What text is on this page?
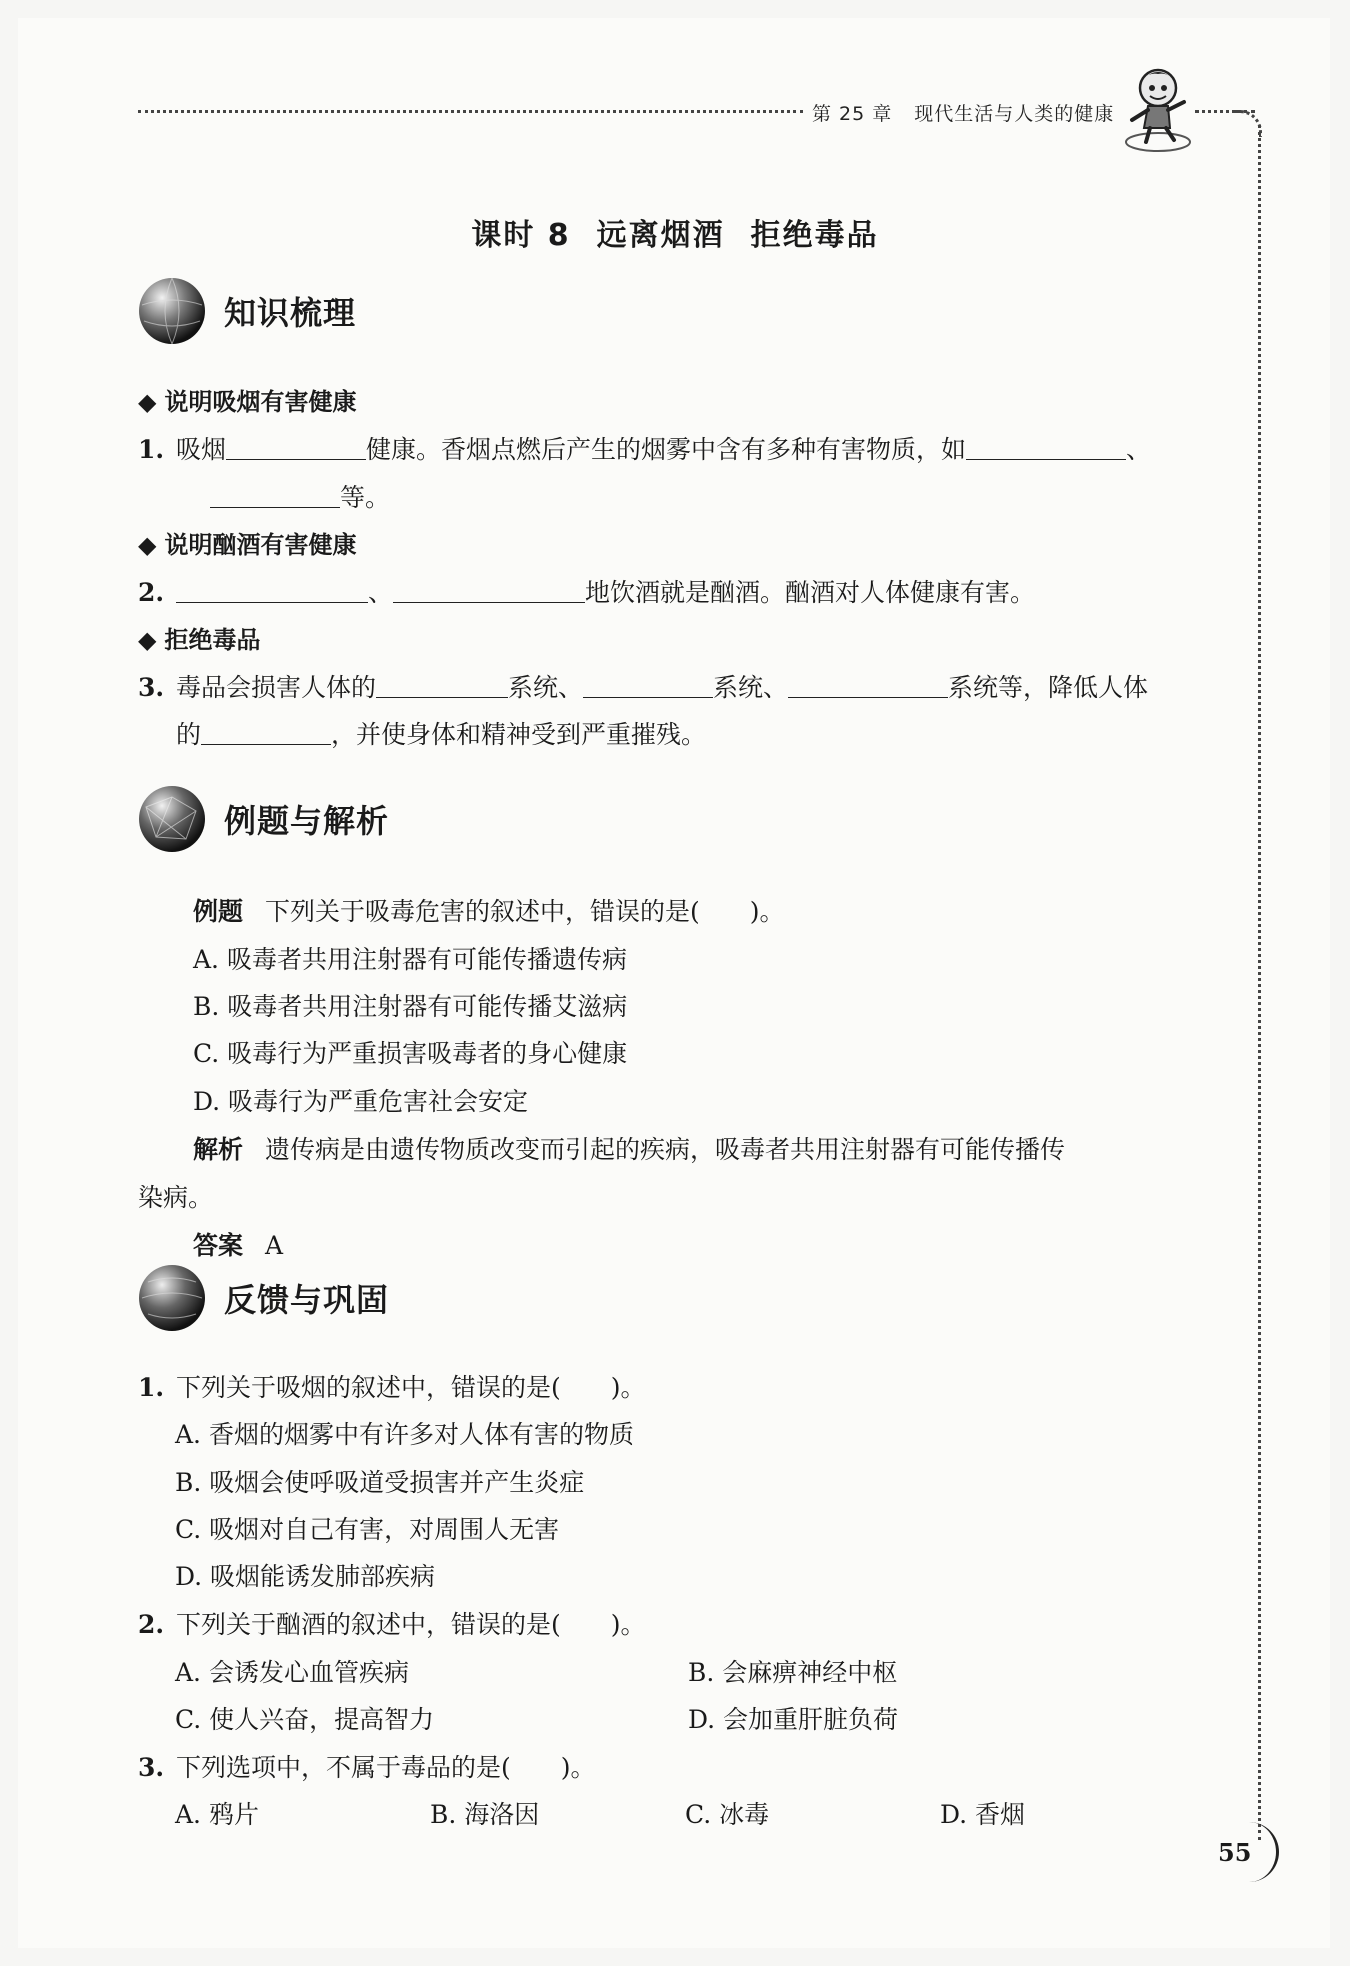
第 25 章 现代生活与人类的健康
课时 8 远离烟酒 拒绝毒品
知识梳理
◆ 说明吸烟有害健康
1. 吸烟	健康。香烟点燃后产生的烟雾中含有多种有害物质，如	、
等。
◆ 说明酗酒有害健康
2.	、	地饮酒就是酗酒。酗酒对人体健康有害。
◆ 拒绝毒品
3. 毒品会损害人体的	系统、	系统、	系统等，降低人体
的	，并使身体和精神受到严重摧残。
例题与解析
例题 下列关于吸毒危害的叙述中，错误的是(　　)。
A. 吸毒者共用注射器有可能传播遗传病
B. 吸毒者共用注射器有可能传播艾滋病
C. 吸毒行为严重损害吸毒者的身心健康
D. 吸毒行为严重危害社会安定
解析 遗传病是由遗传物质改变而引起的疾病，吸毒者共用注射器有可能传播传
染病。
答案 A
反馈与巩固
1. 下列关于吸烟的叙述中，错误的是(　　)。
A. 香烟的烟雾中有许多对人体有害的物质
B. 吸烟会使呼吸道受损害并产生炎症
C. 吸烟对自己有害，对周围人无害
D. 吸烟能诱发肺部疾病
2. 下列关于酗酒的叙述中，错误的是(　　)。
A. 会诱发心血管疾病	B. 会麻痹神经中枢
C. 使人兴奋，提高智力	D. 会加重肝脏负荷
3. 下列选项中，不属于毒品的是(　　)。
A. 鸦片	B. 海洛因	C. 冰毒	D. 香烟
55
